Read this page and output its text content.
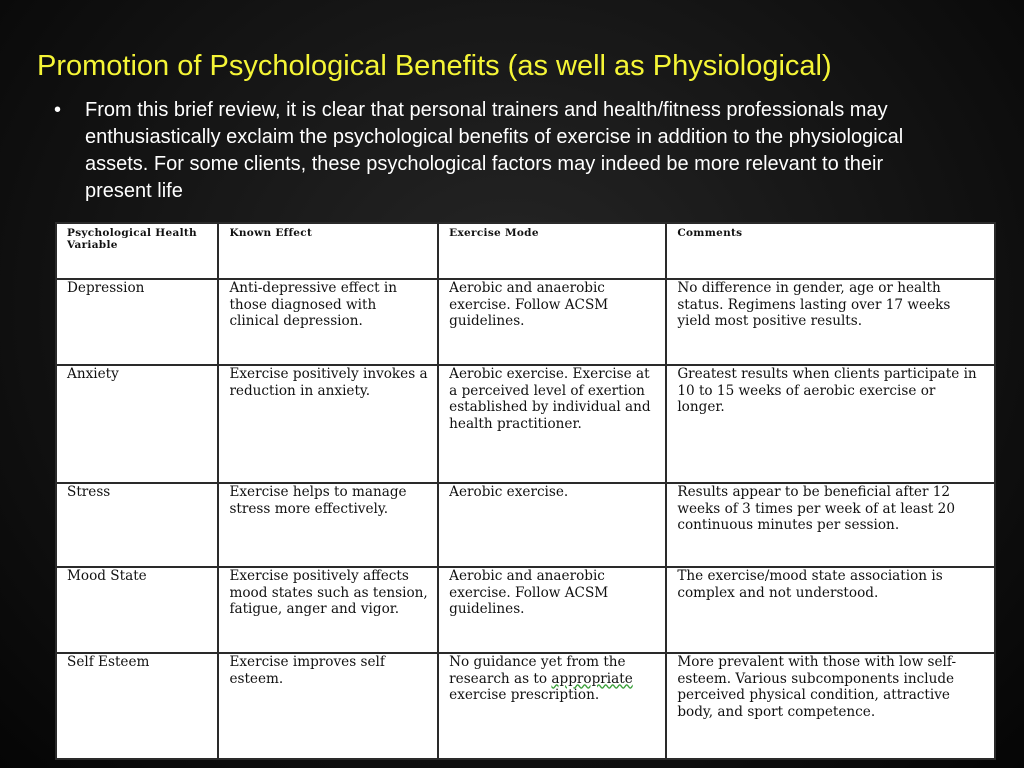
Promotion of Psychological Benefits (as well as Physiological)
• From this brief review, it is clear that personal trainers and health/fitness professionals may enthusiastically exclaim the psychological benefits of exercise in addition to the physiological assets. For some clients, these psychological factors may indeed be more relevant to their present life

Psychological Health Variable	Known Effect	Exercise Mode	Comments
Depression	Anti-depressive effect in those diagnosed with clinical depression.	Aerobic and anaerobic exercise. Follow ACSM guidelines.	No difference in gender, age or health status. Regimens lasting over 17 weeks yield most positive results.
Anxiety	Exercise positively invokes a reduction in anxiety.	Aerobic exercise. Exercise at a perceived level of exertion established by individual and health practitioner.	Greatest results when clients participate in 10 to 15 weeks of aerobic exercise or longer.
Stress	Exercise helps to manage stress more effectively.	Aerobic exercise.	Results appear to be beneficial after 12 weeks of 3 times per week of at least 20 continuous minutes per session.
Mood State	Exercise positively affects mood states such as tension, fatigue, anger and vigor.	Aerobic and anaerobic exercise. Follow ACSM guidelines.	The exercise/mood state association is complex and not understood.
Self Esteem	Exercise improves self esteem.	No guidance yet from the research as to appropriate exercise prescription.	More prevalent with those with low self-esteem. Various subcomponents include perceived physical condition, attractive body, and sport competence.
